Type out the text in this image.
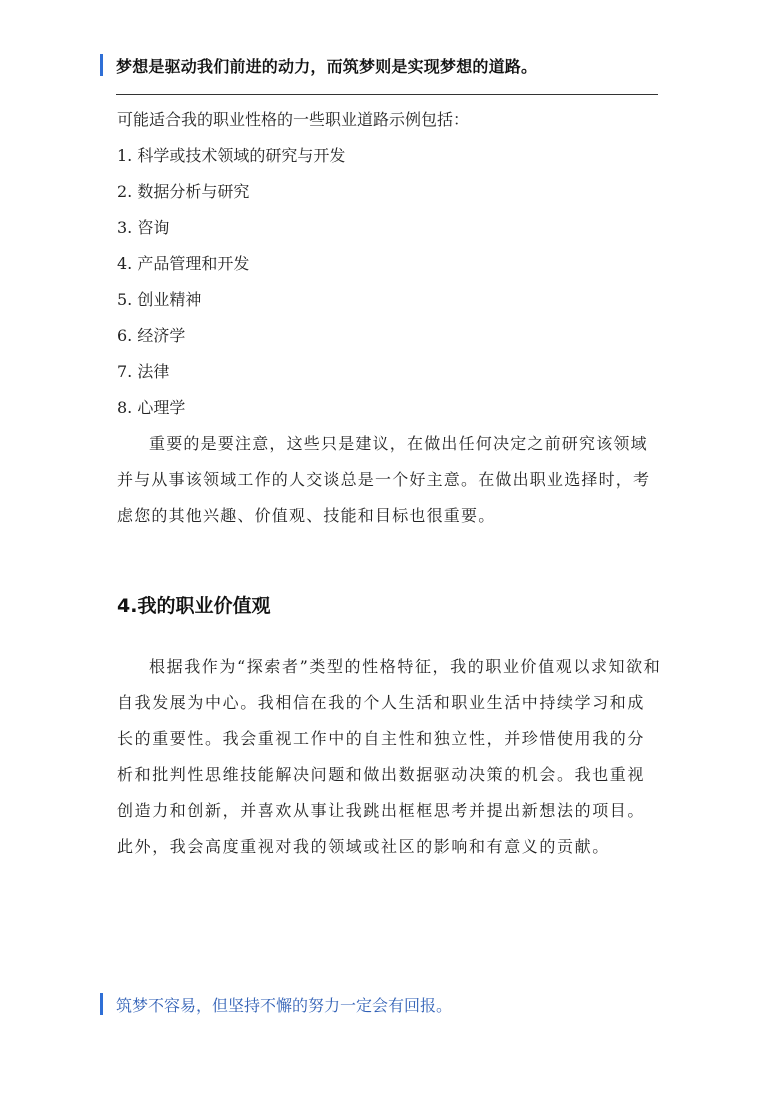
梦想是驱动我们前进的动力，而筑梦则是实现梦想的道路。

可能适合我的职业性格的一些职业道路示例包括：

1. 科学或技术领域的研究与开发
2. 数据分析与研究
3. 咨询
4. 产品管理和开发
5. 创业精神
6. 经济学
7. 法律
8. 心理学

重要的是要注意，这些只是建议，在做出任何决定之前研究该领域并与从事该领域工作的人交谈总是一个好主意。在做出职业选择时，考虑您的其他兴趣、价值观、技能和目标也很重要。

4.我的职业价值观

根据我作为“探索者”类型的性格特征，我的职业价值观以求知欲和自我发展为中心。我相信在我的个人生活和职业生活中持续学习和成长的重要性。我会重视工作中的自主性和独立性，并珍惜使用我的分析和批判性思维技能解决问题和做出数据驱动决策的机会。我也重视创造力和创新，并喜欢从事让我跳出框框思考并提出新想法的项目。此外，我会高度重视对我的领域或社区的影响和有意义的贡献。

筑梦不容易，但坚持不懈的努力一定会有回报。
